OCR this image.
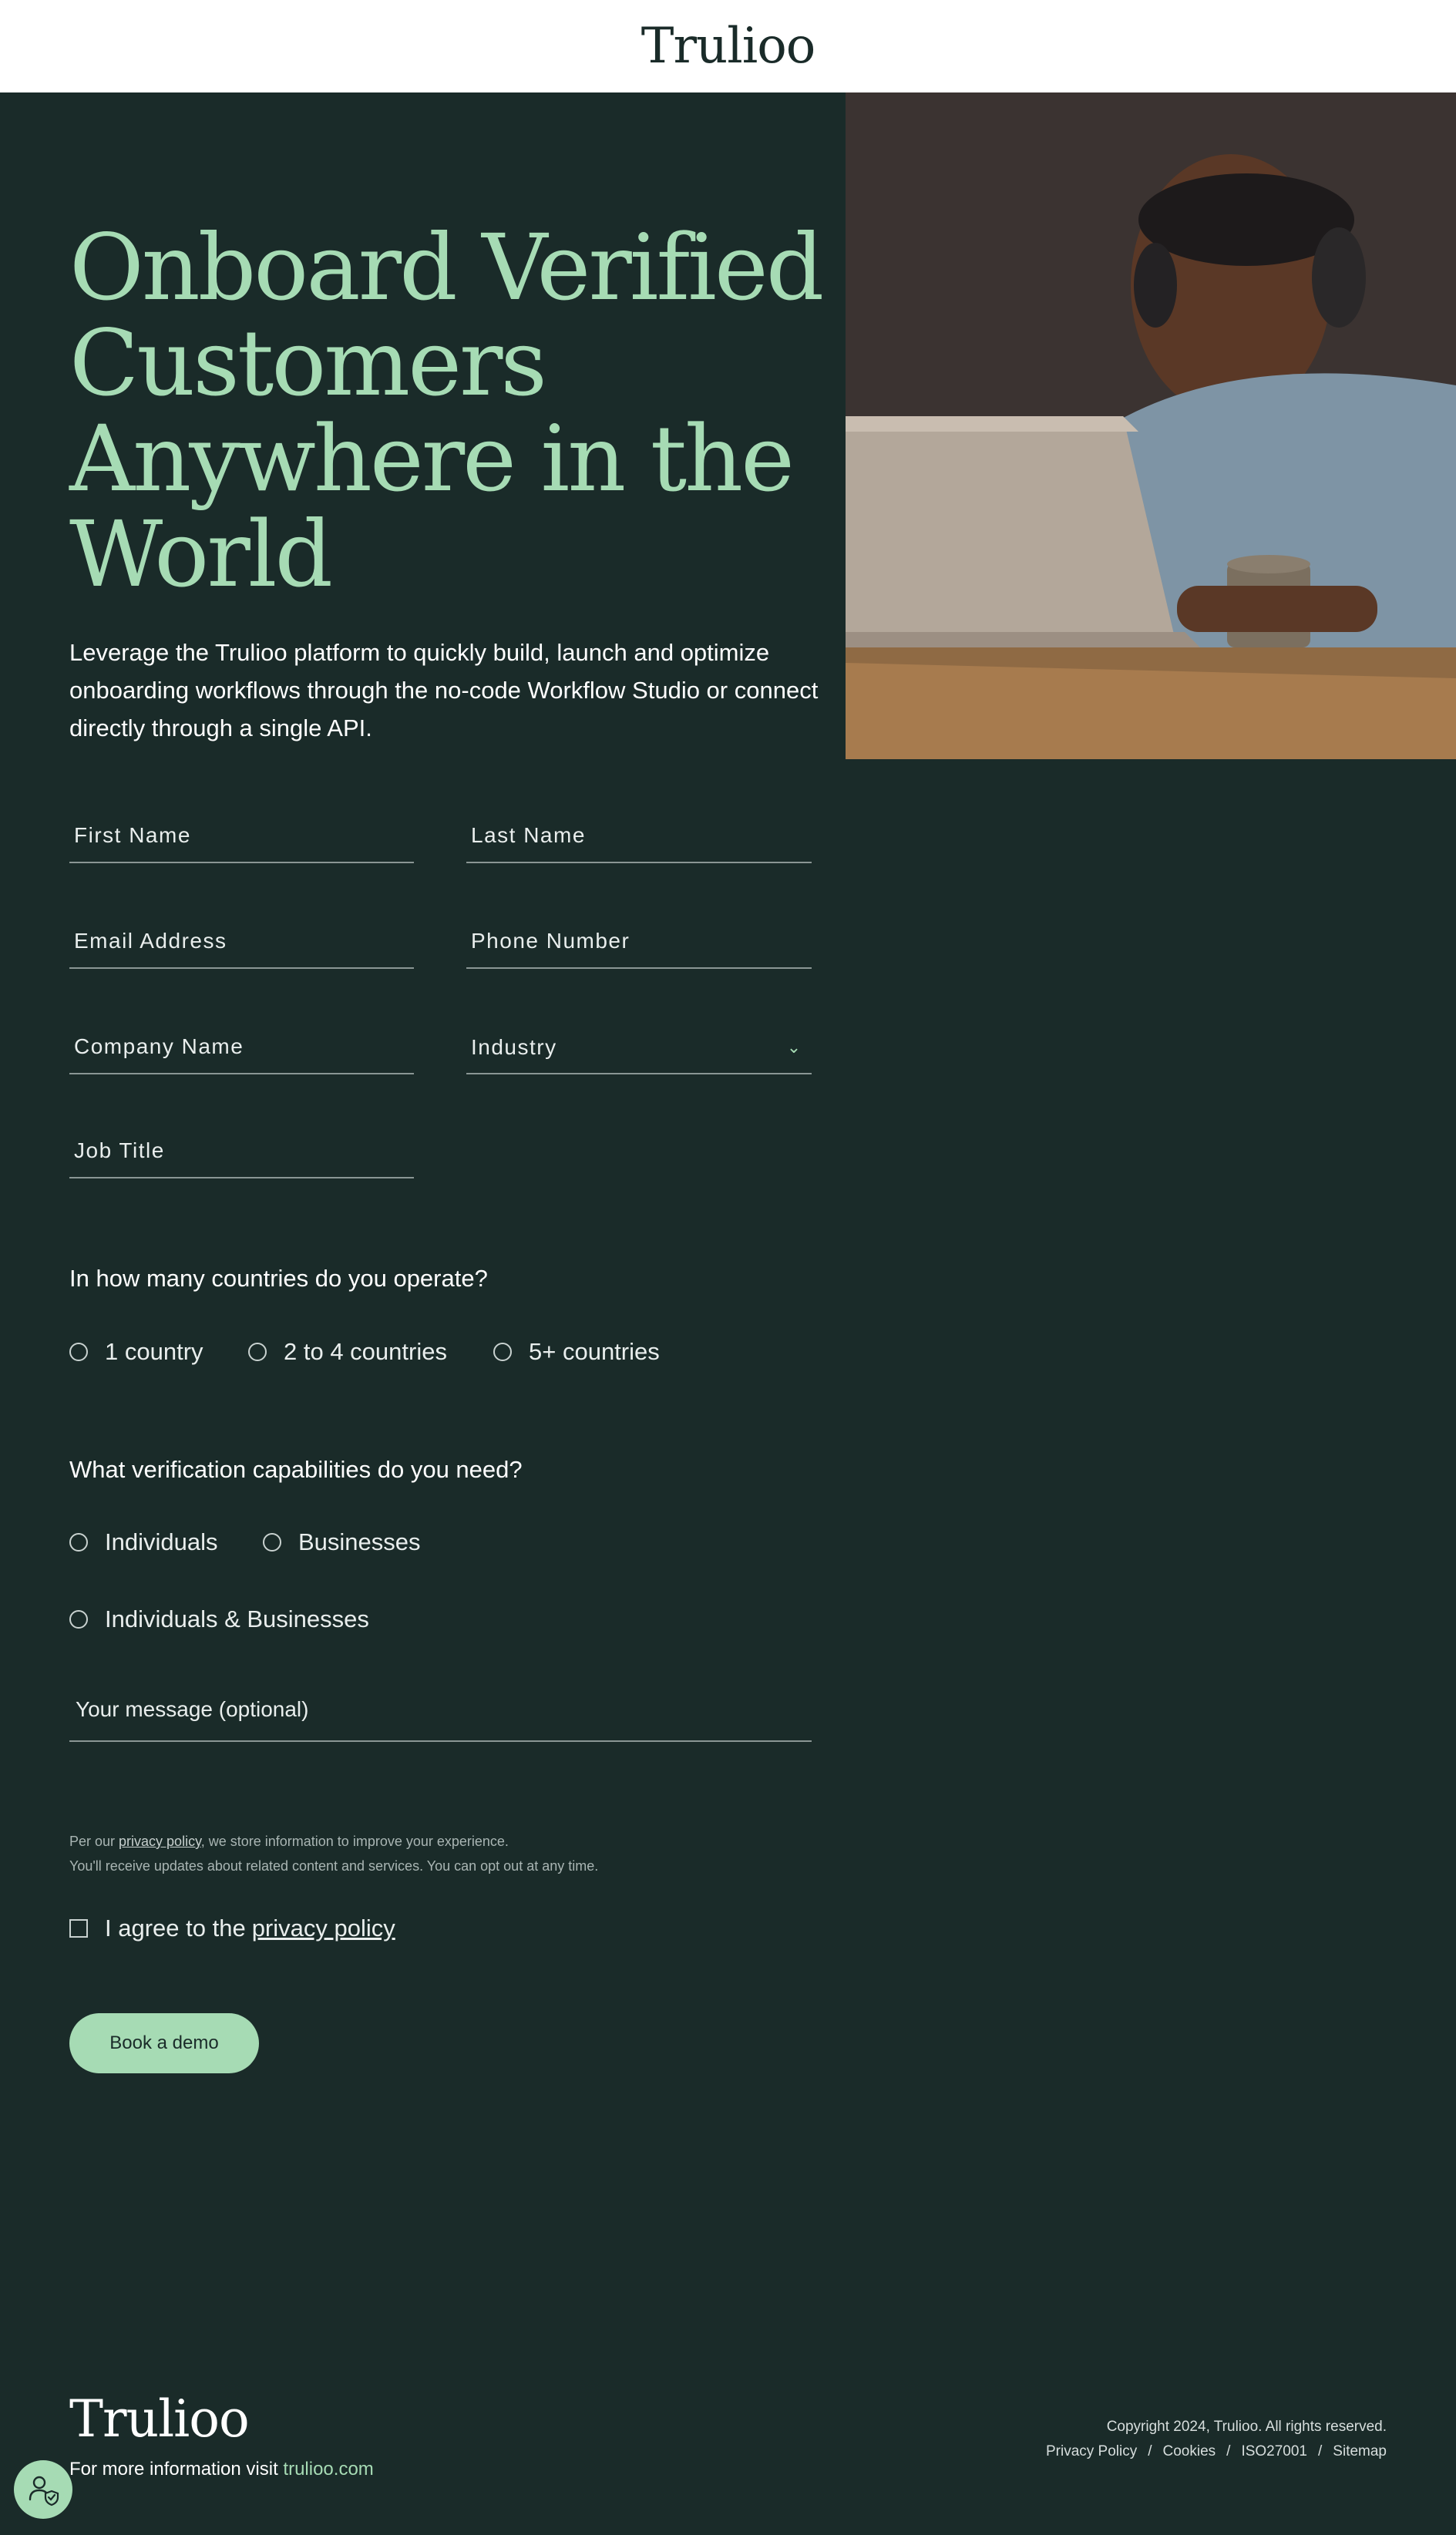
Trulioo
Onboard Verified Customers Anywhere in the World

Leverage the Trulioo platform to quickly build, launch and optimize onboarding workflows through the no-code Workflow Studio or connect directly through a single API.

First Name
Last Name
Email Address
Phone Number
Company Name
Industry	⌄
Job Title
In how many countries do you operate?
1 country	2 to 4 countries	5+ countries
What verification capabilities do you need?
Individuals	Businesses
Individuals & Businesses
Your message (optional)
Per our privacy policy, we store information to improve your experience.
You'll receive updates about related content and services. You can opt out at any time.
I agree to the privacy policy
Book a demo
Trulioo
For more information visit trulioo.com
Copyright 2024, Trulioo. All rights reserved.
Privacy Policy / Cookies / ISO27001 / Sitemap
